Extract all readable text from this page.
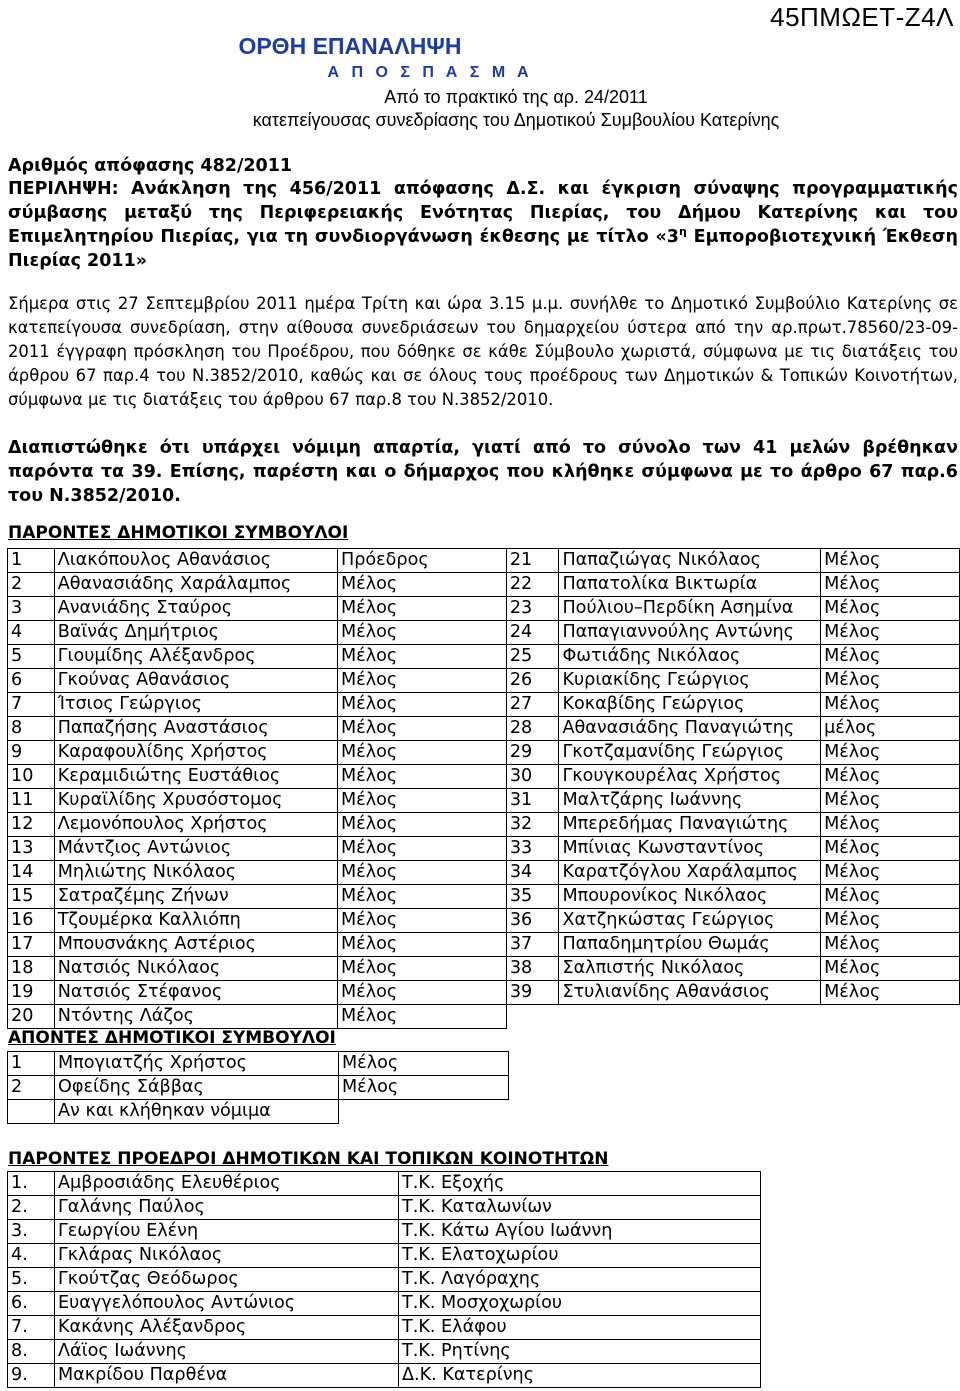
45ΠΜΩΕΤ-Ζ4Λ
ΟΡΘΗ ΕΠΑΝΑΛΗΨΗ
Α Π Ο Σ Π Α Σ Μ Α
Από το πρακτικό της αρ. 24/2011
κατεπείγουσας συνεδρίασης του Δημοτικού Συμβουλίου Κατερίνης
Αριθμός απόφασης 482/2011
ΠΕΡΙΛΗΨΗ: Ανάκληση της 456/2011 απόφασης Δ.Σ. και έγκριση σύναψης προγραμματικής σύμβασης μεταξύ της Περιφερειακής Ενότητας Πιερίας, του Δήμου Κατερίνης και του Επιμελητηρίου Πιερίας, για τη συνδιοργάνωση έκθεσης με τίτλο «$3^\eta$ Εμποροβιοτεχνική Έκθεση Πιερίας 2011»
Σήμερα στις 27 Σεπτεμβρίου 2011 ημέρα Τρίτη και ώρα 3.15 μ.μ. συνήλθε το Δημοτικό Συμβούλιο Κατερίνης σε κατεπείγουσα συνεδρίαση, στην αίθουσα συνεδριάσεων του δημαρχείου ύστερα από την αρ.πρωτ.78560/23-09-2011 έγγραφη πρόσκληση του Προέδρου, που δόθηκε σε κάθε Σύμβουλο χωριστά, σύμφωνα με τις διατάξεις του άρθρου 67 παρ.4 του Ν.3852/2010, καθώς και σε όλους τους προέδρους των Δημοτικών & Τοπικών Κοινοτήτων, σύμφωνα με τις διατάξεις του άρθρου 67 παρ.8 του Ν.3852/2010.
Διαπιστώθηκε ότι υπάρχει νόμιμη απαρτία, γιατί από το σύνολο των 41 μελών βρέθηκαν παρόντα τα 39. Επίσης, παρέστη και ο δήμαρχος που κλήθηκε σύμφωνα με το άρθρο 67 παρ.6 του Ν.3852/2010.
ΠΑΡΟΝΤΕΣ ΔΗΜΟΤΙΚΟΙ ΣΥΜΒΟΥΛΟΙ
1	Λιακόπουλος Αθανάσιος	Πρόεδρος	21	Παπαζιώγας Νικόλαος	Μέλος
2	Αθανασιάδης Χαράλαμπος	Μέλος	22	Παπατολίκα Βικτωρία	Μέλος
3	Ανανιάδης Σταύρος	Μέλος	23	Πούλιου–Περδίκη Ασημίνα	Μέλος
4	Βαϊνάς Δημήτριος	Μέλος	24	Παπαγιαννούλης Αντώνης	Μέλος
5	Γιουμίδης Αλέξανδρος	Μέλος	25	Φωτιάδης Νικόλαος	Μέλος
6	Γκούνας Αθανάσιος	Μέλος	26	Κυριακίδης Γεώργιος	Μέλος
7	Ίτσιος Γεώργιος	Μέλος	27	Κοκαβίδης Γεώργιος	Μέλος
8	Παπαζήσης Αναστάσιος	Μέλος	28	Αθανασιάδης Παναγιώτης	μέλος
9	Καραφουλίδης Χρήστος	Μέλος	29	Γκοτζαμανίδης Γεώργιος	Μέλος
10	Κεραμιδιώτης Ευστάθιος	Μέλος	30	Γκουγκουρέλας Χρήστος	Μέλος
11	Κυραϊλίδης Χρυσόστομος	Μέλος	31	Μαλτζάρης Ιωάννης	Μέλος
12	Λεμονόπουλος Χρήστος	Μέλος	32	Μπερεδήμας Παναγιώτης	Μέλος
13	Μάντζιος Αντώνιος	Μέλος	33	Μπίνιας Κωνσταντίνος	Μέλος
14	Μηλιώτης Νικόλαος	Μέλος	34	Καρατζόγλου Χαράλαμπος	Μέλος
15	Σατραζέμης Ζήνων	Μέλος	35	Μπουρονίκος Νικόλαος	Μέλος
16	Τζουμέρκα Καλλιόπη	Μέλος	36	Χατζηκώστας Γεώργιος	Μέλος
17	Μπουσνάκης Αστέριος	Μέλος	37	Παπαδημητρίου Θωμάς	Μέλος
18	Νατσιός Νικόλαος	Μέλος	38	Σαλπιστής Νικόλαος	Μέλος
19	Νατσιός Στέφανος	Μέλος	39	Στυλιανίδης Αθανάσιος	Μέλος
20	Ντόντης Λάζος	Μέλος			
ΑΠΟΝΤΕΣ ΔΗΜΟΤΙΚΟΙ ΣΥΜΒΟΥΛΟΙ
1	Μπογιατζής Χρήστος	Μέλος
2	Οφείδης Σάββας	Μέλος
	Αν και κλήθηκαν νόμιμα	
ΠΑΡΟΝΤΕΣ ΠΡΟΕΔΡΟΙ ΔΗΜΟΤΙΚΩΝ ΚΑΙ ΤΟΠΙΚΩΝ ΚΟΙΝΟΤΗΤΩΝ
1.	Αμβροσιάδης Ελευθέριος	Τ.Κ. Εξοχής
2.	Γαλάνης Παύλος	Τ.Κ. Καταλωνίων
3.	Γεωργίου Ελένη	Τ.Κ. Κάτω Αγίου Ιωάννη
4.	Γκλάρας Νικόλαος	Τ.Κ. Ελατοχωρίου
5.	Γκούτζας Θεόδωρος	Τ.Κ. Λαγόραχης
6.	Ευαγγελόπουλος Αντώνιος	Τ.Κ. Μοσχοχωρίου
7.	Κακάνης Αλέξανδρος	Τ.Κ. Ελάφου
8.	Λάϊος Ιωάννης	Τ.Κ. Ρητίνης
9.	Μακρίδου Παρθένα	Δ.Κ. Κατερίνης
